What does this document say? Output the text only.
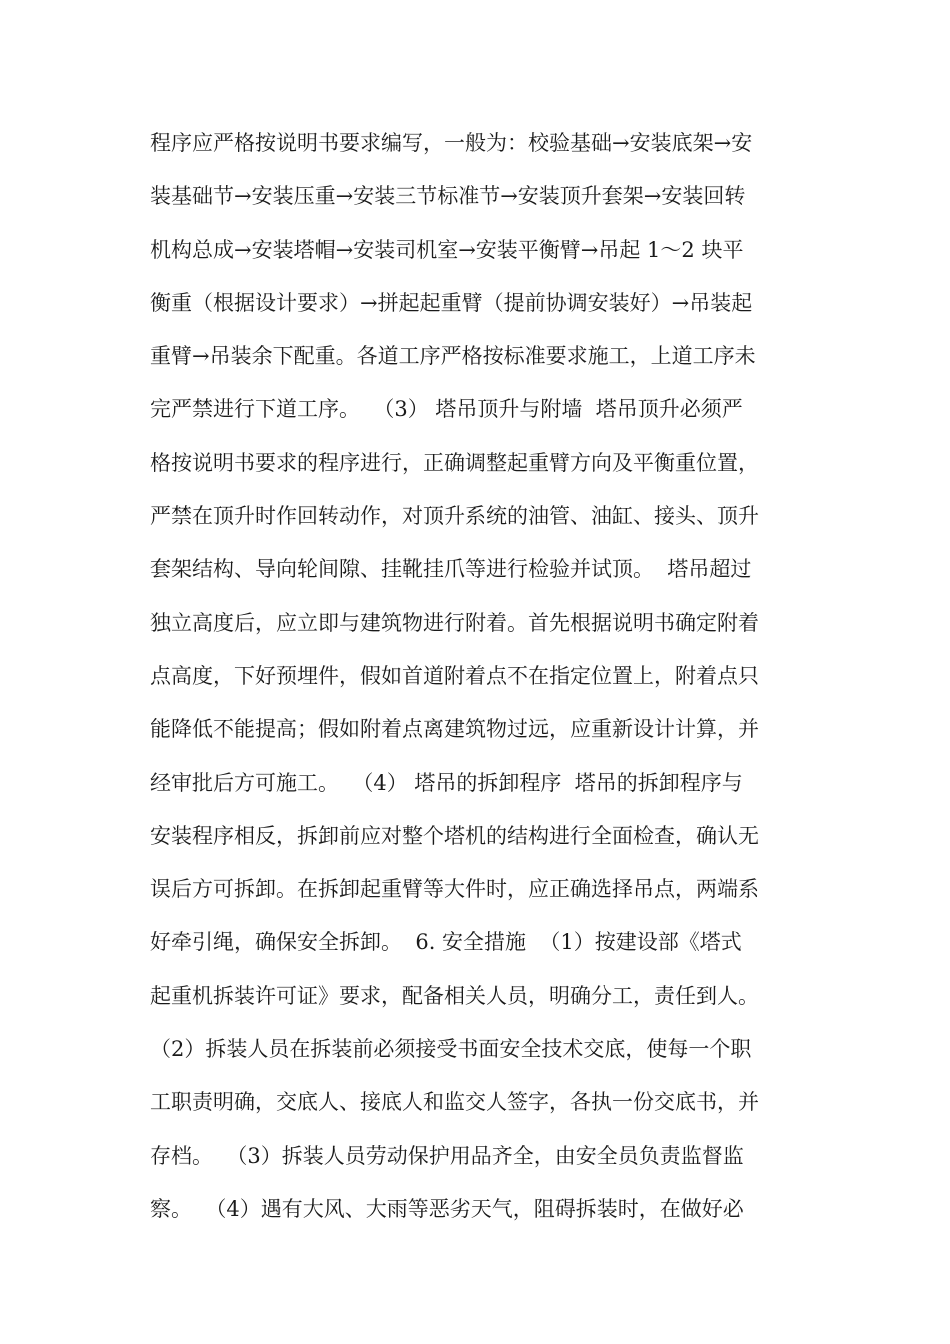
程序应严格按说明书要求编写，一般为：校验基础→安装底架→安
装基础节→安装压重→安装三节标准节→安装顶升套架→安装回转
机构总成→安装塔帽→安装司机室→安装平衡臂→吊起 1～2 块平
衡重（根据设计要求）→拼起起重臂（提前协调安装好）→吊装起
重臂→吊装余下配重。各道工序严格按标准要求施工，上道工序未
完严禁进行下道工序。  （3） 塔吊顶升与附墙  塔吊顶升必须严
格按说明书要求的程序进行，正确调整起重臂方向及平衡重位置，
严禁在顶升时作回转动作，对顶升系统的油管、油缸、接头、顶升
套架结构、导向轮间隙、挂靴挂爪等进行检验并试顶。  塔吊超过
独立高度后，应立即与建筑物进行附着。首先根据说明书确定附着
点高度，下好预埋件，假如首道附着点不在指定位置上，附着点只
能降低不能提高；假如附着点离建筑物过远，应重新设计计算，并
经审批后方可施工。  （4） 塔吊的拆卸程序  塔吊的拆卸程序与
安装程序相反，拆卸前应对整个塔机的结构进行全面检查，确认无
误后方可拆卸。在拆卸起重臂等大件时，应正确选择吊点，两端系
好牵引绳，确保安全拆卸。  6. 安全措施  （1）按建设部《塔式
起重机拆装许可证》要求，配备相关人员，明确分工，责任到人。
（2）拆装人员在拆装前必须接受书面安全技术交底，使每一个职
工职责明确，交底人、接底人和监交人签字，各执一份交底书，并
存档。  （3）拆装人员劳动保护用品齐全，由安全员负责监督监
察。  （4）遇有大风、大雨等恶劣天气，阻碍拆装时，在做好必
